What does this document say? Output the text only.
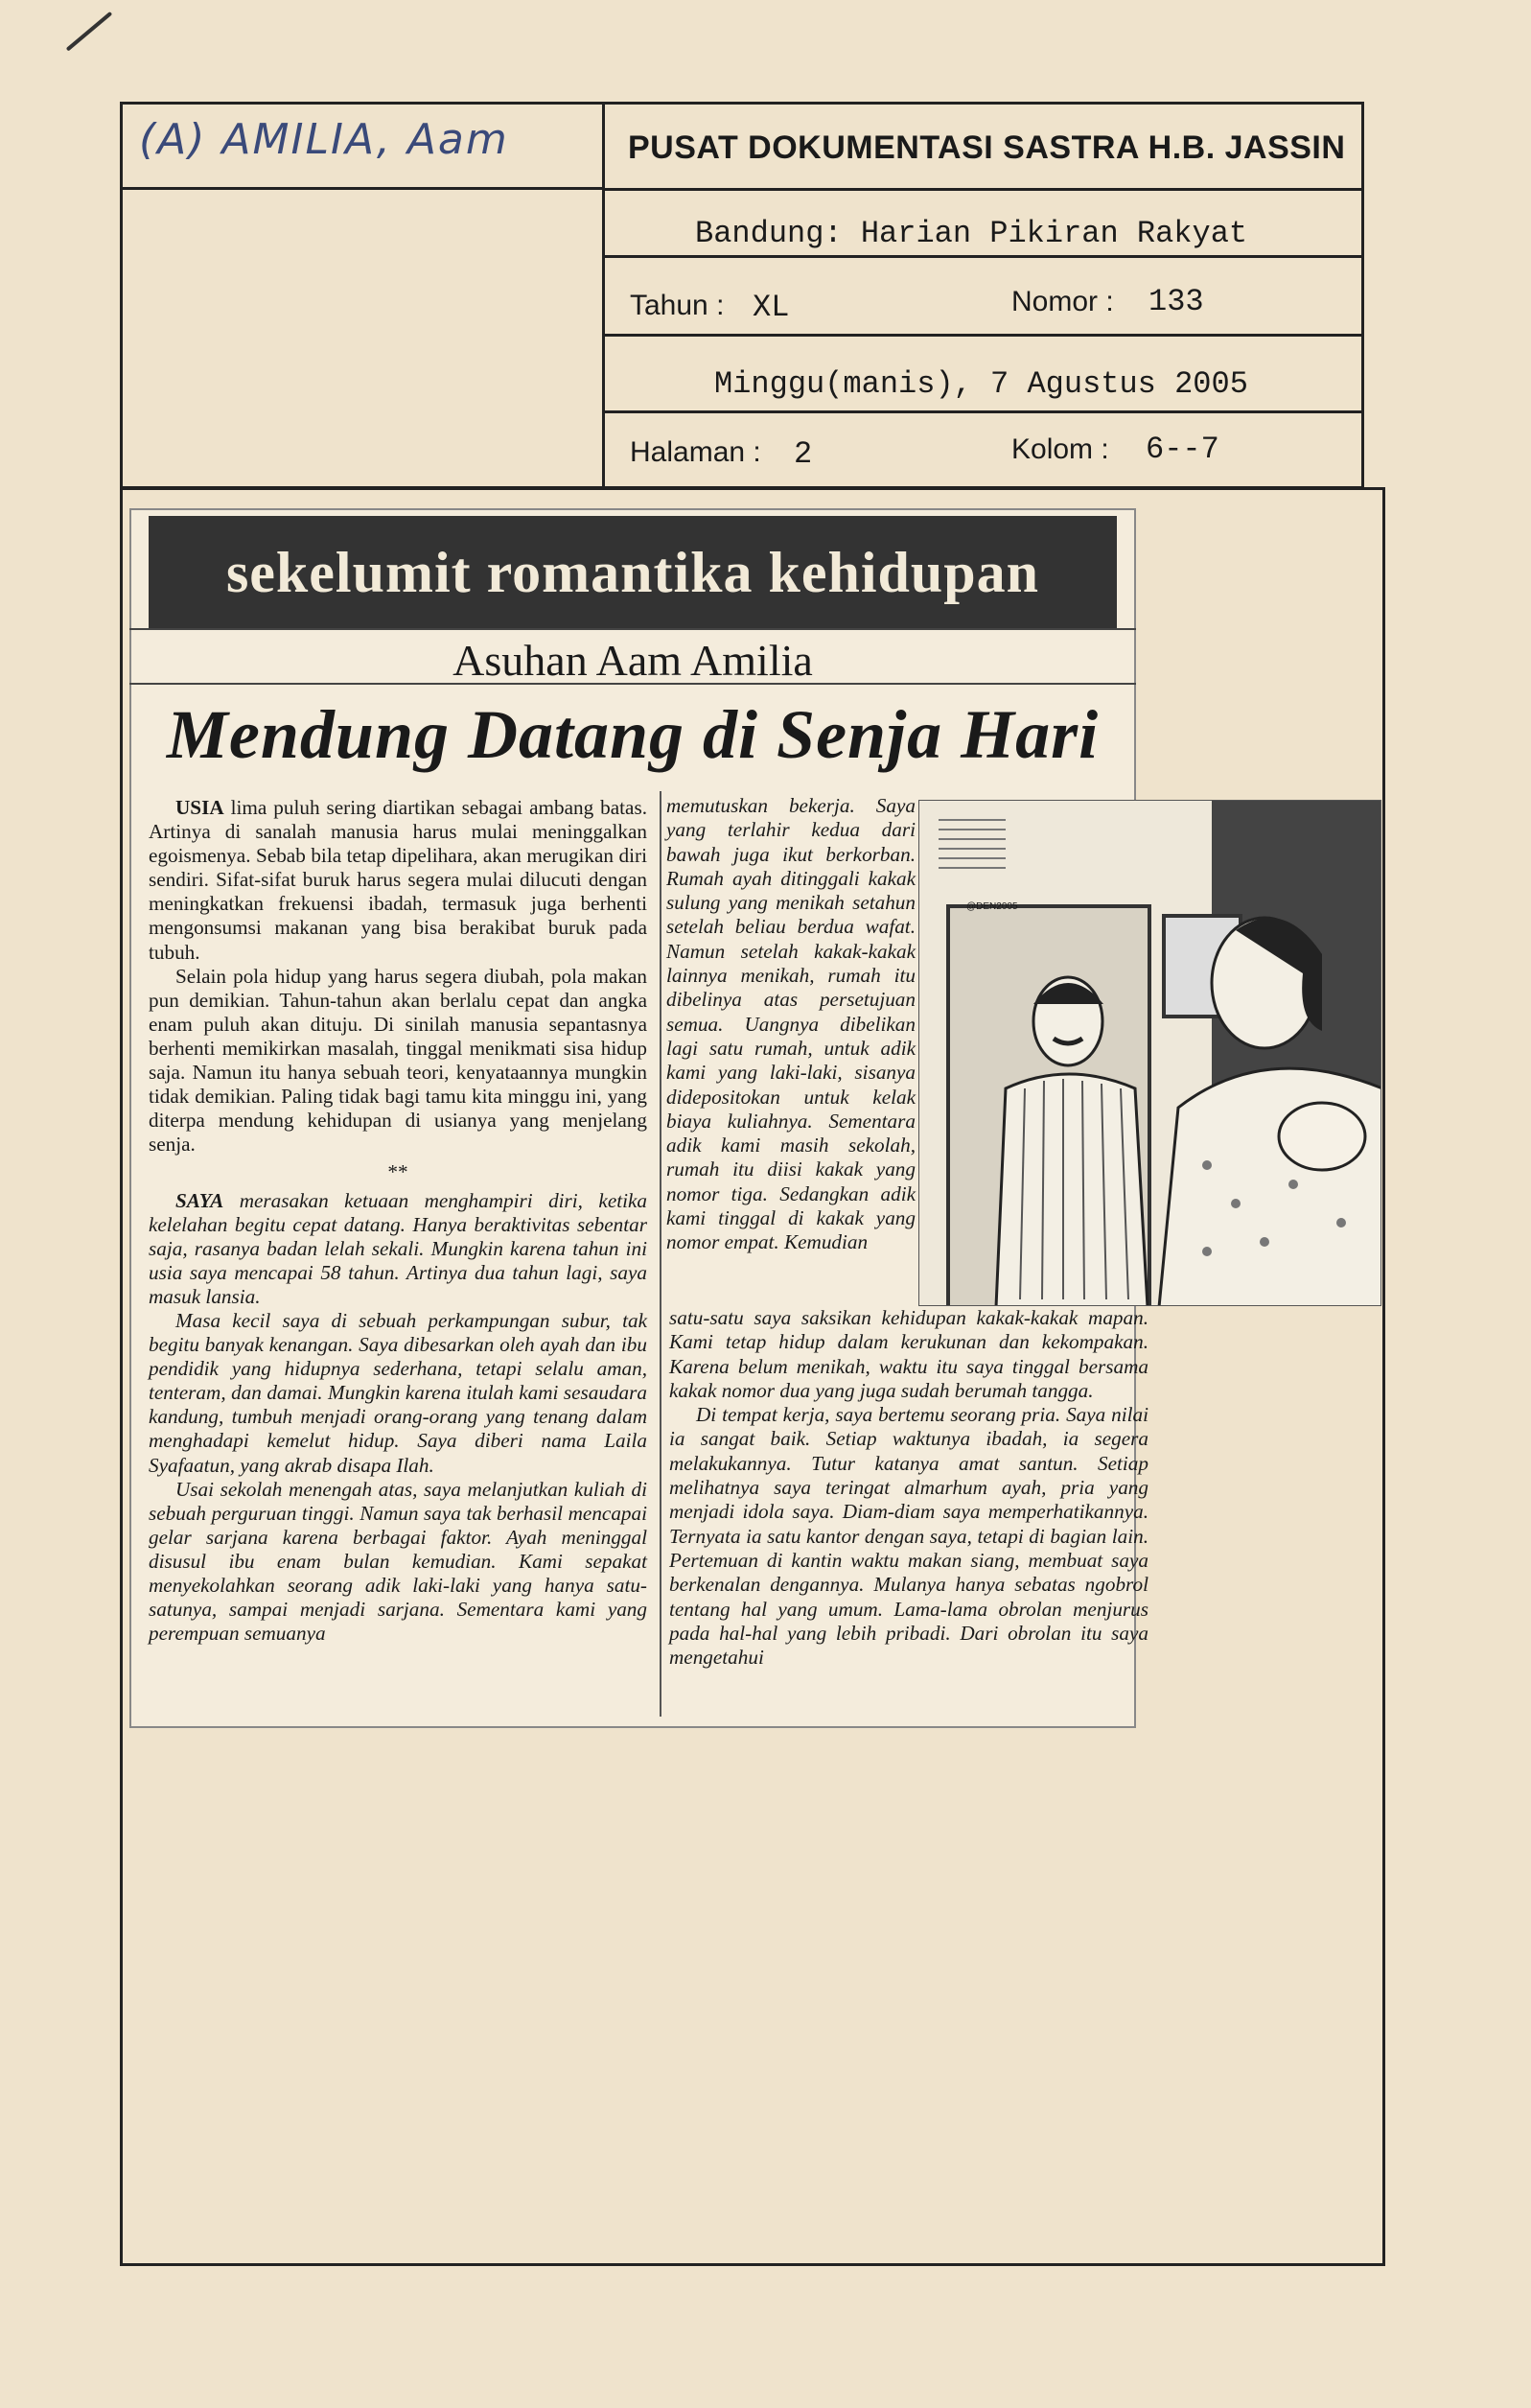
(A) AMILIA, Aam	PUSAT DOKUMENTASI SASTRA H.B. JASSIN
Bandung: Harian Pikiran Rakyat
Tahun : XL	Nomor : 133
Minggu(manis), 7 Agustus 2005
Halaman : 2	Kolom : 6--7
sekelumit romantika kehidupan
Asuhan Aam Amilia
Mendung Datang di Senja Hari

USIA lima puluh sering diartikan sebagai ambang batas. Artinya di sanalah manusia harus mulai meninggalkan egoismenya. Sebab bila tetap dipelihara, akan merugikan diri sendiri. Sifat-sifat buruk harus segera mulai dilucuti dengan meningkatkan frekuensi ibadah, termasuk juga berhenti mengonsumsi makanan yang bisa berakibat buruk pada tubuh.

Selain pola hidup yang harus segera diubah, pola makan pun demikian. Tahun-tahun akan berlalu cepat dan angka enam puluh akan dituju. Di sinilah manusia sepantasnya berhenti memikirkan masalah, tinggal menikmati sisa hidup saja. Namun itu hanya sebuah teori, kenyataannya mungkin tidak demikian. Paling tidak bagi tamu kita minggu ini, yang diterpa mendung kehidupan di usianya yang menjelang senja.

**

SAYA merasakan ketuaan menghampiri diri, ketika kelelahan begitu cepat datang. Hanya beraktivitas sebentar saja, rasanya badan lelah sekali. Mungkin karena tahun ini usia saya mencapai 58 tahun. Artinya dua tahun lagi, saya masuk lansia.

Masa kecil saya di sebuah perkampungan subur, tak begitu banyak kenangan. Saya dibesarkan oleh ayah dan ibu pendidik yang hidupnya sederhana, tetapi selalu aman, tenteram, dan damai. Mungkin karena itulah kami sesaudara kandung, tumbuh menjadi orang-orang yang tenang dalam menghadapi kemelut hidup. Saya diberi nama Laila Syafaatun, yang akrab disapa Ilah.

Usai sekolah menengah atas, saya melanjutkan kuliah di sebuah perguruan tinggi. Namun saya tak berhasil mencapai gelar sarjana karena berbagai faktor. Ayah meninggal disusul ibu enam bulan kemudian. Kami sepakat menyekolahkan seorang adik laki-laki yang hanya satu-satunya, sampai menjadi sarjana. Sementara kami yang perempuan semuanya

memutuskan bekerja. Saya yang terlahir kedua dari bawah juga ikut berkorban. Rumah ayah ditinggali kakak sulung yang menikah setahun setelah beliau berdua wafat. Namun setelah kakak-kakak lainnya menikah, rumah itu dibelinya atas persetujuan semua. Uangnya dibelikan lagi satu rumah, untuk adik kami yang laki-laki, sisanya didepositokan untuk kelak biaya kuliahnya. Sementara adik kami masih sekolah, rumah itu diisi kakak yang nomor tiga. Sedangkan adik kami tinggal di kakak yang nomor empat. Kemudian

@DEN2005

satu-satu saya saksikan kehidupan kakak-kakak mapan. Kami tetap hidup dalam kerukunan dan kekompakan. Karena belum menikah, waktu itu saya tinggal bersama kakak nomor dua yang juga sudah berumah tangga.

Di tempat kerja, saya bertemu seorang pria. Saya nilai ia sangat baik. Setiap waktunya ibadah, ia segera melakukannya. Tutur katanya amat santun. Setiap melihatnya saya teringat almarhum ayah, pria yang menjadi idola saya. Diam-diam saya memperhatikannya. Ternyata ia satu kantor dengan saya, tetapi di bagian lain. Pertemuan di kantin waktu makan siang, membuat saya berkenalan dengannya. Mulanya hanya sebatas ngobrol tentang hal yang umum. Lama-lama obrolan menjurus pada hal-hal yang lebih pribadi. Dari obrolan itu saya mengetahui
